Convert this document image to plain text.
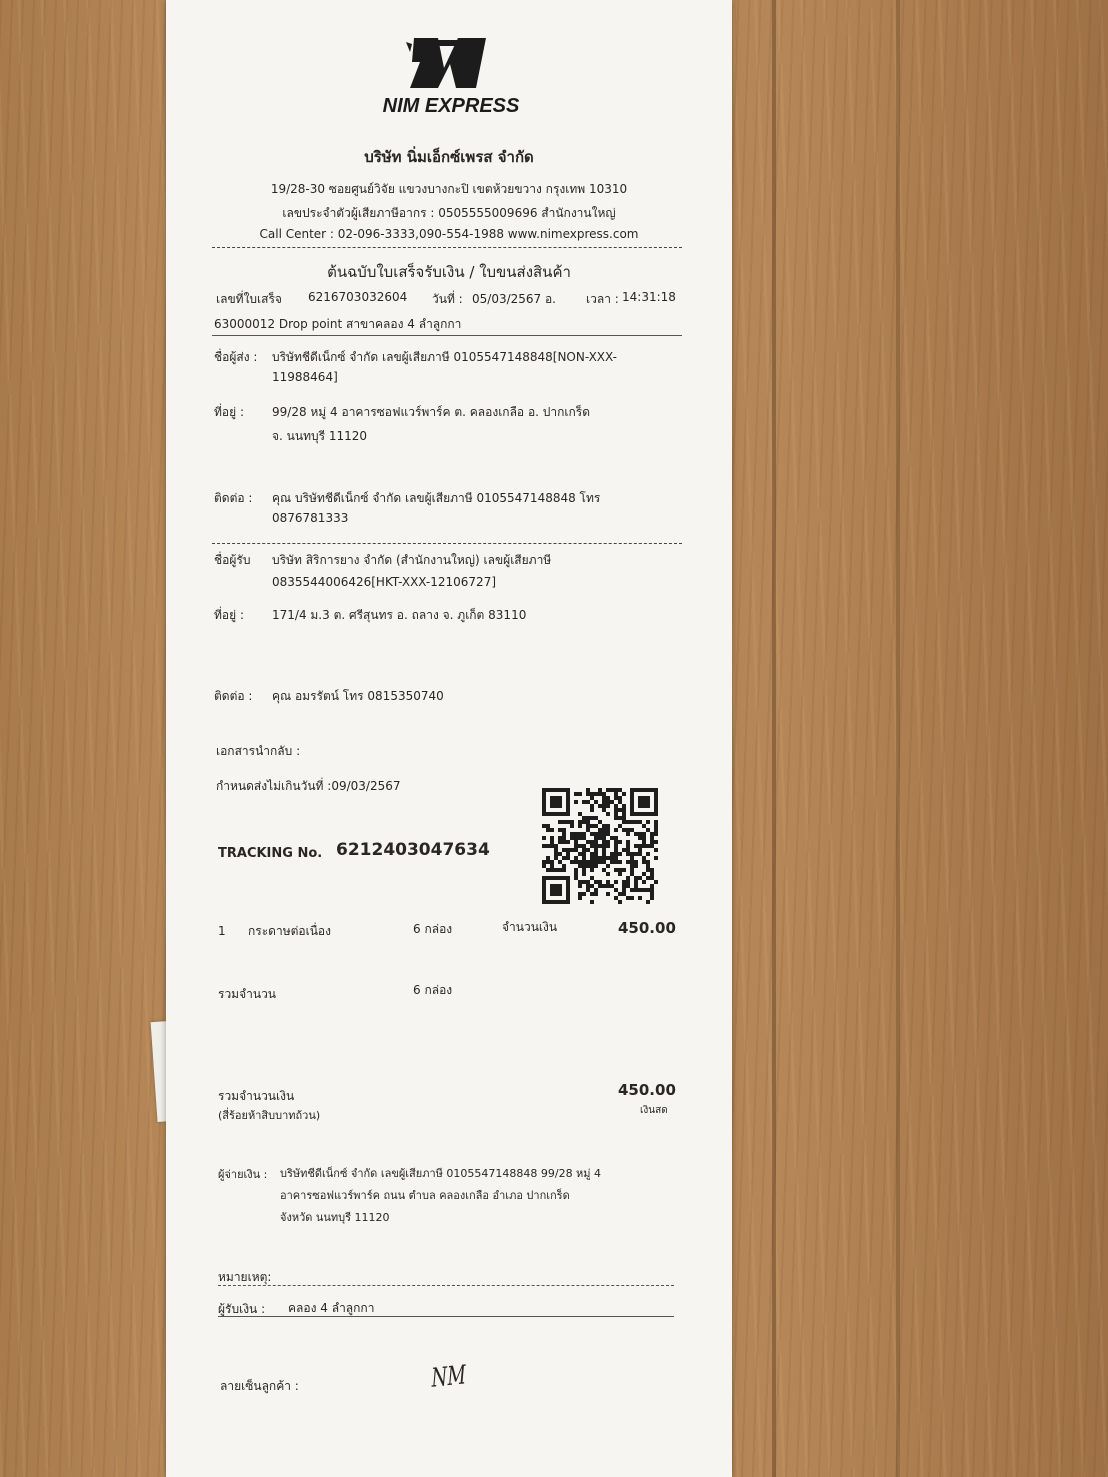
NIM EXPRESS
บริษัท นิ่มเอ็กซ์เพรส จำกัด
19/28-30 ซอยศูนย์วิจัย แขวงบางกะปิ เขตห้วยขวาง กรุงเทพ 10310
เลขประจำตัวผู้เสียภาษีอากร : 0505555009696 สำนักงานใหญ่
Call Center : 02-096-3333,090-554-1988 www.nimexpress.com
ต้นฉบับใบเสร็จรับเงิน / ใบขนส่งสินค้า
เลขที่ใบเสร็จ 6216703032604 วันที่ : 05/03/2567 อ.	เวลา : 14:31:18
63000012 Drop point สาขาคลอง 4 ลำลูกกา
ชื่อผู้ส่ง : บริษัทชีดีเน็กซ์ จำกัด เลขผู้เสียภาษี 0105547148848[NON-XXX-
11988464]
ที่อยู่ : 99/28 หมู่ 4 อาคารซอฟแวร์พาร์ค ต. คลองเกลือ อ. ปากเกร็ด
จ. นนทบุรี 11120
ติดต่อ : คุณ บริษัทชีดีเน็กซ์ จำกัด เลขผู้เสียภาษี 0105547148848 โทร
0876781333
ชื่อผู้รับ บริษัท สิริการยาง จำกัด (สำนักงานใหญ่) เลขผู้เสียภาษี
0835544006426[HKT-XXX-12106727]
ที่อยู่ : 171/4 ม.3 ต. ศรีสุนทร อ. ถลาง จ. ภูเก็ต 83110
ติดต่อ : คุณ อมรรัตน์ โทร 0815350740
เอกสารนำกลับ :
กำหนดส่งไม่เกินวันที่ :09/03/2567
TRACKING No. 6212403047634
1 กระดาษต่อเนื่อง	6 กล่อง	จำนวนเงิน	450.00
รวมจำนวน	6 กล่อง
รวมจำนวนเงิน
(สี่ร้อยห้าสิบบาทถ้วน)
450.00
เงินสด
ผู้จ่ายเงิน : บริษัทชีดีเน็กซ์ จำกัด เลขผู้เสียภาษี 0105547148848 99/28 หมู่ 4
อาคารซอฟแวร์พาร์ค ถนน ตำบล คลองเกลือ อำเภอ ปากเกร็ด
จังหวัด นนทบุรี 11120
หมายเหตุ:
ผู้รับเงิน : คลอง 4 ลำลูกกา
ลายเซ็นลูกค้า :	NM
